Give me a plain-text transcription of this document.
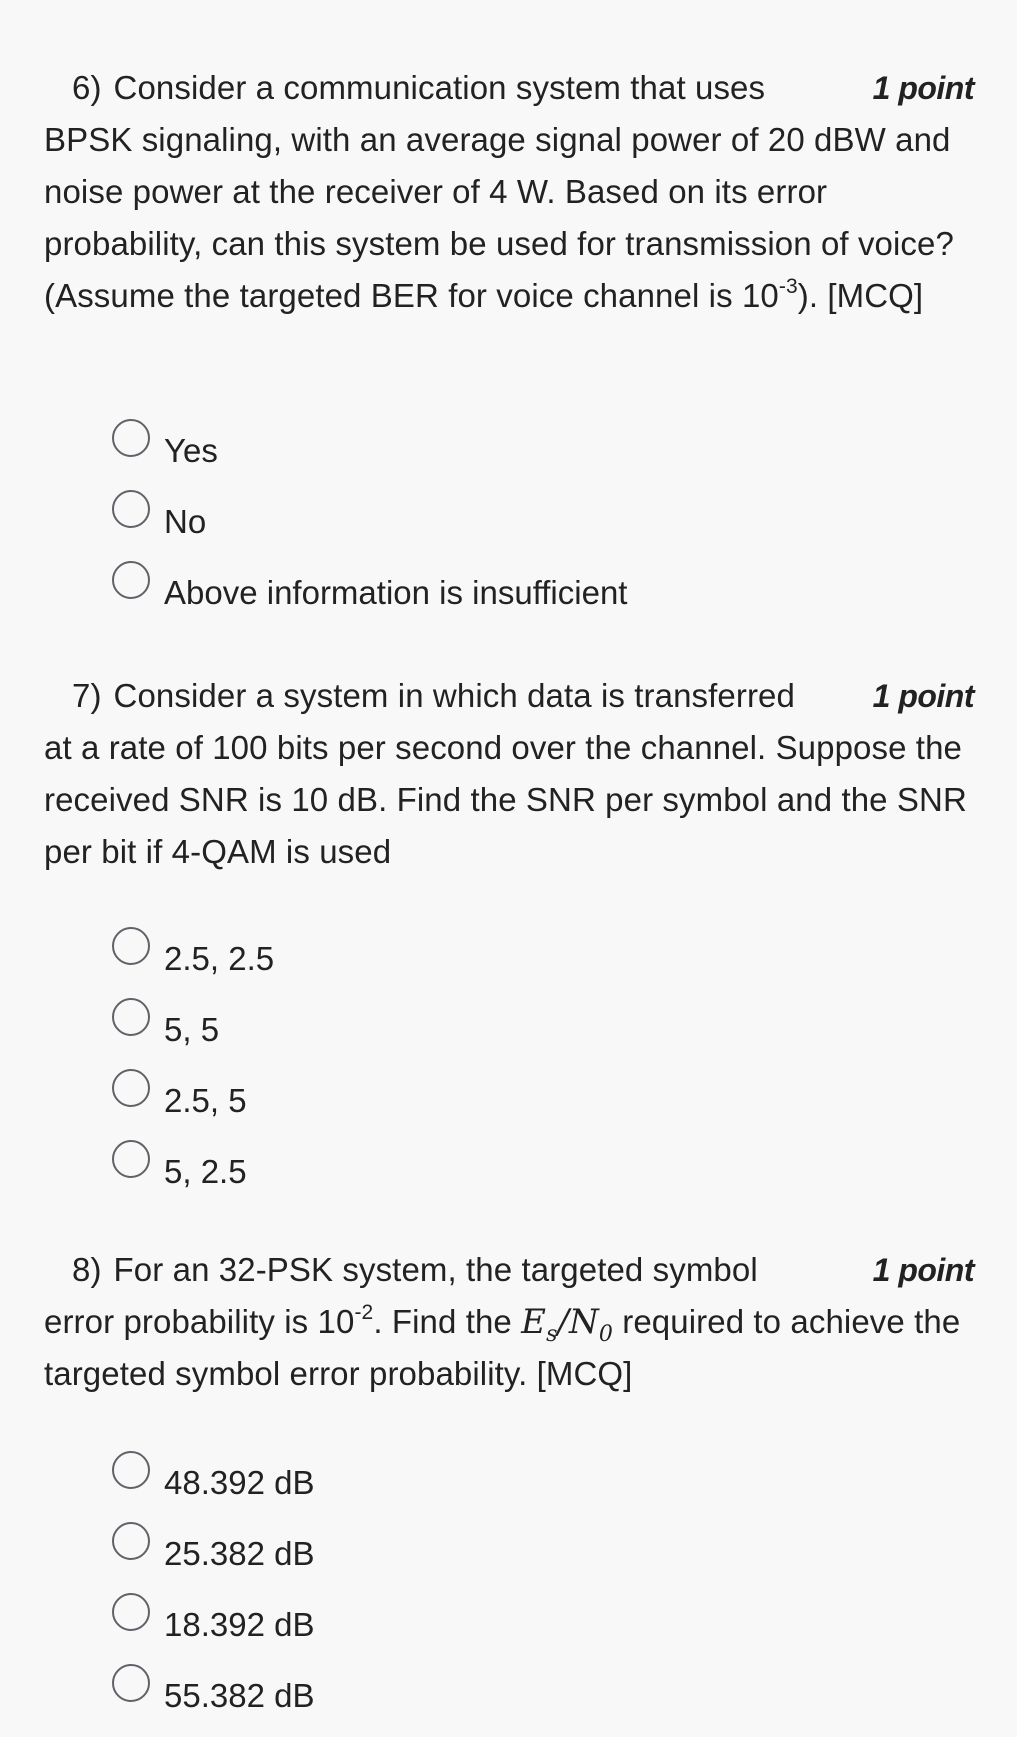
1 point
6) Consider a communication system that uses BPSK signaling, with an average signal power of 20 dBW and noise power at the receiver of 4 W. Based on its error probability, can this system be used for transmission of voice? (Assume the targeted BER for voice channel is $10^{-3}$). [MCQ]

Yes
No
Above information is insufficient

1 point
7) Consider a system in which data is transferred at a rate of 100 bits per second over the channel. Suppose the received SNR is 10 dB. Find the SNR per symbol and the SNR per bit if 4-QAM is used

2.5, 2.5
5, 5
2.5, 5
5, 2.5

1 point
8) For an 32-PSK system, the targeted symbol error probability is $10^{-2}$. Find the $E_s/N_0$ required to achieve the targeted symbol error probability. [MCQ]

48.392 dB
25.382 dB
18.392 dB
55.382 dB
